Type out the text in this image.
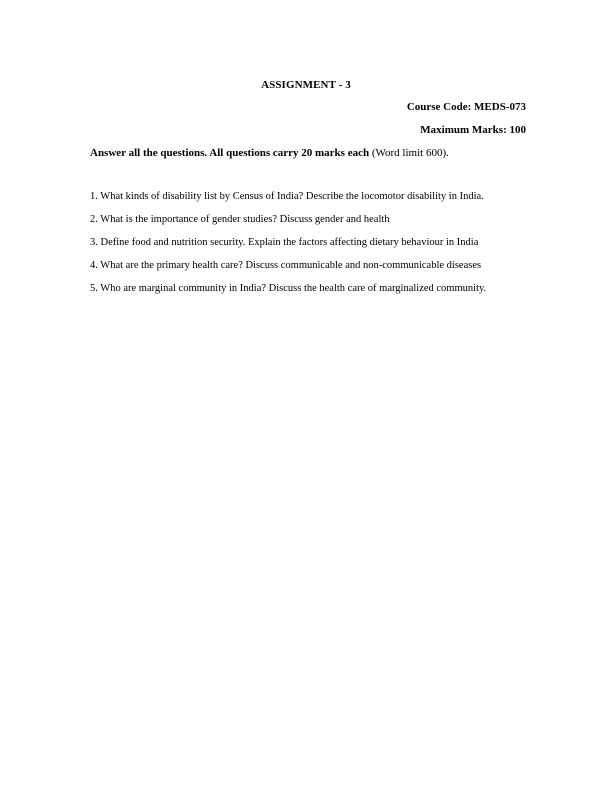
ASSIGNMENT - 3
Course Code: MEDS-073
Maximum Marks: 100
Answer all the questions. All questions carry 20 marks each (Word limit 600).
1. What kinds of disability list by Census of India? Describe the locomotor disability in India.
2. What is the importance of gender studies? Discuss gender and health
3. Define food and nutrition security. Explain the factors affecting dietary behaviour in India
4. What are the primary health care? Discuss communicable and non-communicable diseases
5. Who are marginal community in India? Discuss the health care of marginalized community.
